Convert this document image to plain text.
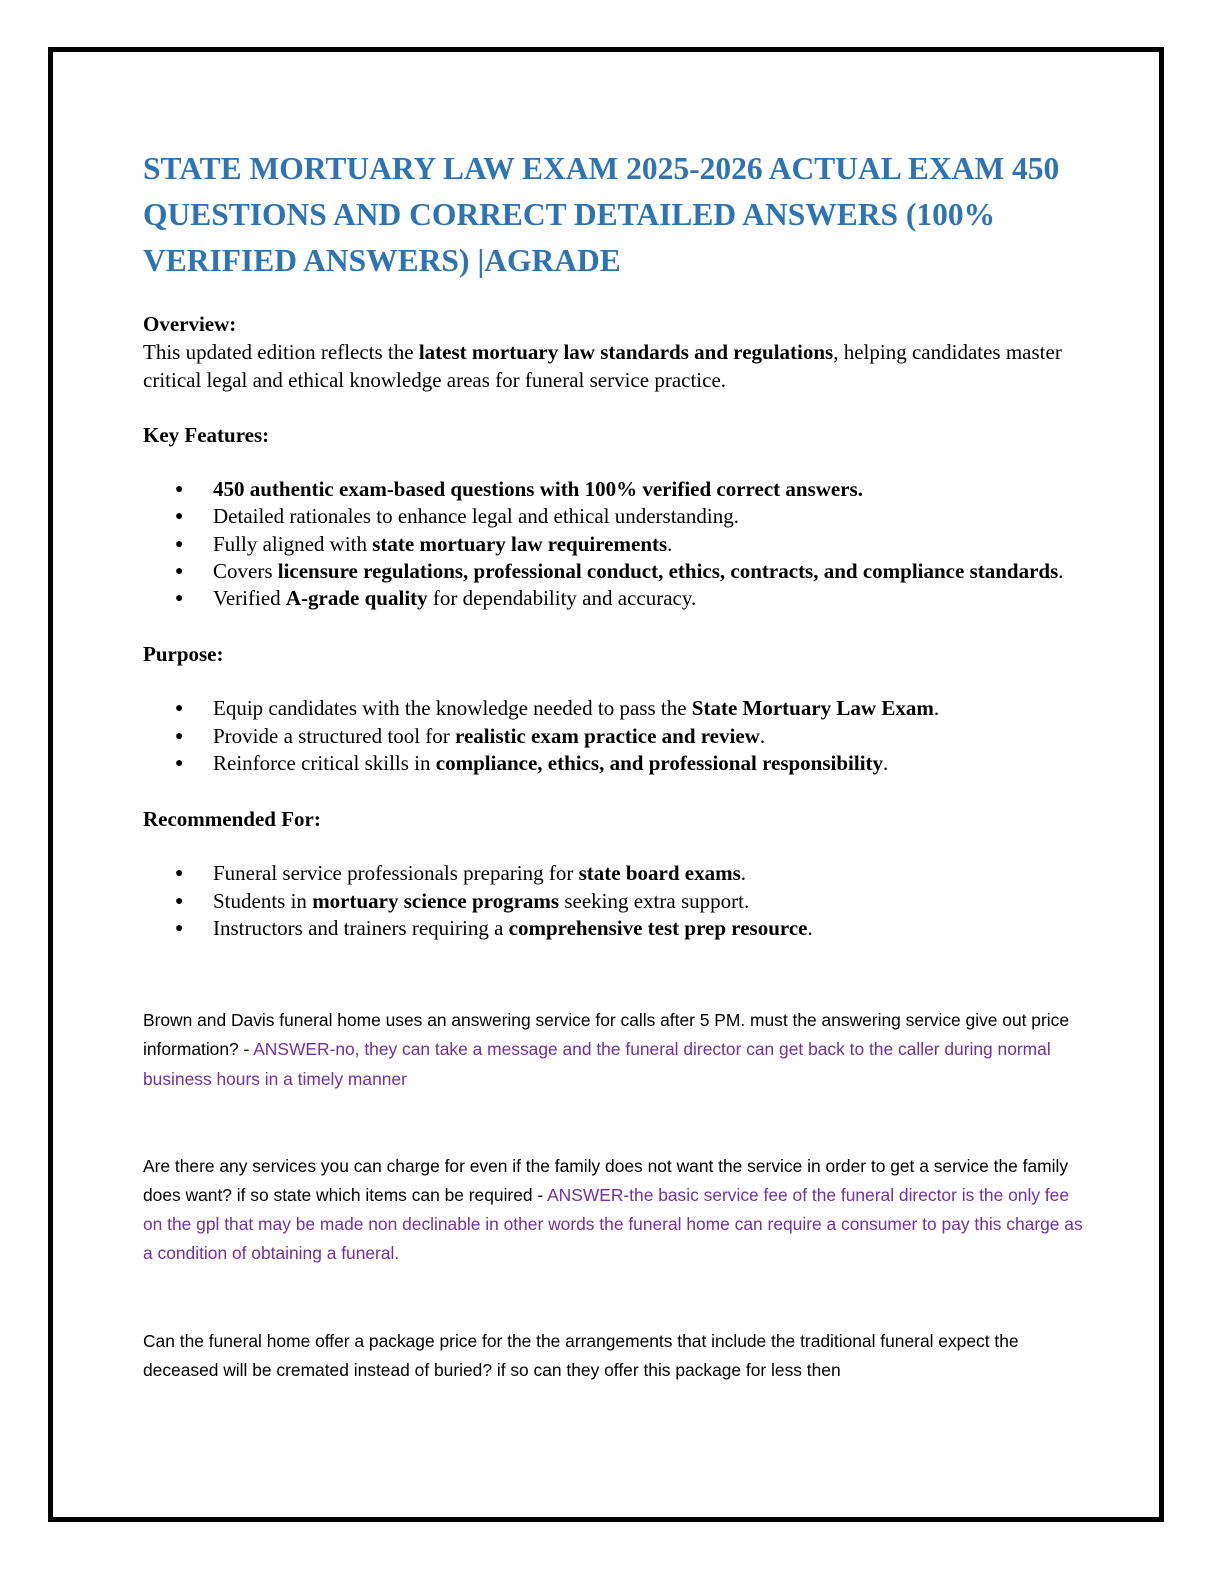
STATE MORTUARY LAW EXAM 2025-2026 ACTUAL EXAM 450 QUESTIONS AND CORRECT DETAILED ANSWERS (100% VERIFIED ANSWERS) |AGRADE

Overview:

This updated edition reflects the latest mortuary law standards and regulations, helping candidates master critical legal and ethical knowledge areas for funeral service practice.

Key Features:

● 450 authentic exam-based questions with 100% verified correct answers.
● Detailed rationales to enhance legal and ethical understanding.
● Fully aligned with state mortuary law requirements.
● Covers licensure regulations, professional conduct, ethics, contracts, and compliance standards.
● Verified A-grade quality for dependability and accuracy.

Purpose:

● Equip candidates with the knowledge needed to pass the State Mortuary Law Exam.
● Provide a structured tool for realistic exam practice and review.
● Reinforce critical skills in compliance, ethics, and professional responsibility.

Recommended For:

● Funeral service professionals preparing for state board exams.
● Students in mortuary science programs seeking extra support.
● Instructors and trainers requiring a comprehensive test prep resource.

Brown and Davis funeral home uses an answering service for calls after 5 PM. must the answering service give out price information? - ANSWER-no, they can take a message and the funeral director can get back to the caller during normal business hours in a timely manner

Are there any services you can charge for even if the family does not want the service in order to get a service the family does want? if so state which items can be required - ANSWER-the basic service fee of the funeral director is the only fee on the gpl that may be made non declinable in other words the funeral home can require a consumer to pay this charge as a condition of obtaining a funeral.

Can the funeral home offer a package price for the the arrangements that include the traditional funeral expect the deceased will be cremated instead of buried? if so can they offer this package for less then
